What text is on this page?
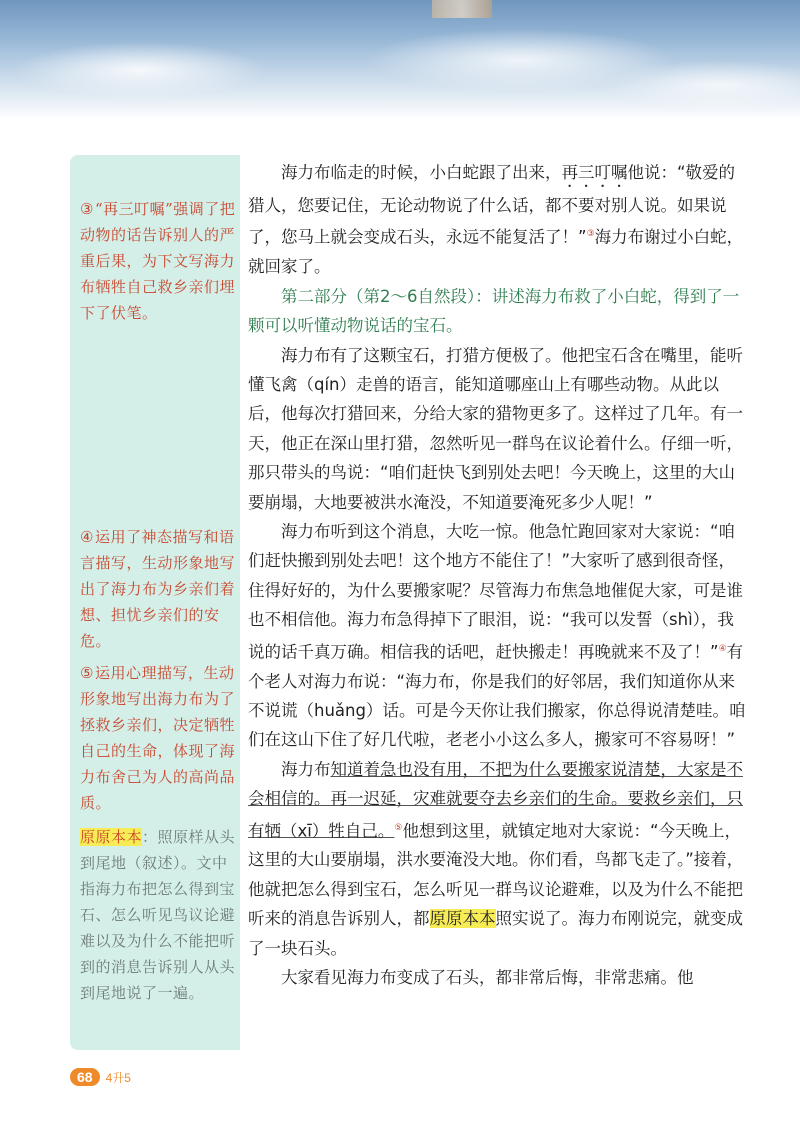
③“再三叮嘱”强调了把动物的话告诉别人的严重后果，为下文写海力布牺牲自己救乡亲们埋下了伏笔。
④运用了神态描写和语言描写，生动形象地写出了海力布为乡亲们着想、担忧乡亲们的安危。
⑤运用心理描写，生动形象地写出海力布为了拯救乡亲们，决定牺牲自己的生命，体现了海力布舍己为人的高尚品质。
原原本本：照原样从头到尾地（叙述）。文中指海力布把怎么得到宝石、怎么听见鸟议论避难以及为什么不能把听到的消息告诉别人从头到尾地说了一遍。

海力布临走的时候，小白蛇跟了出来，再三叮嘱他说：“敬爱的猎人，您要记住，无论动物说了什么话，都不要对别人说。如果说了，您马上就会变成石头，永远不能复活了！”③海力布谢过小白蛇，就回家了。

第二部分（第2～6自然段）：讲述海力布救了小白蛇，得到了一颗可以听懂动物说话的宝石。

海力布有了这颗宝石，打猎方便极了。他把宝石含在嘴里，能听懂飞禽（qín）走兽的语言，能知道哪座山上有哪些动物。从此以后，他每次打猎回来，分给大家的猎物更多了。这样过了几年。有一天，他正在深山里打猎，忽然听见一群鸟在议论着什么。仔细一听，那只带头的鸟说：“咱们赶快飞到别处去吧！今天晚上，这里的大山要崩塌，大地要被洪水淹没，不知道要淹死多少人呢！”

海力布听到这个消息，大吃一惊。他急忙跑回家对大家说：“咱们赶快搬到别处去吧！这个地方不能住了！”大家听了感到很奇怪，住得好好的，为什么要搬家呢？尽管海力布焦急地催促大家，可是谁也不相信他。海力布急得掉下了眼泪，说：“我可以发誓（shì），我说的话千真万确。相信我的话吧，赶快搬走！再晚就来不及了！”④有个老人对海力布说：“海力布，你是我们的好邻居，我们知道你从来不说谎（huǎng）话。可是今天你让我们搬家，你总得说清楚哇。咱们在这山下住了好几代啦，老老小小这么多人，搬家可不容易呀！”

海力布知道着急也没有用，不把为什么要搬家说清楚，大家是不会相信的。再一迟延，灾难就要夺去乡亲们的生命。要救乡亲们，只有牺（xī）牲自己。⑤他想到这里，就镇定地对大家说：“今天晚上，这里的大山要崩塌，洪水要淹没大地。你们看，鸟都飞走了。”接着，他就把怎么得到宝石，怎么听见一群鸟议论避难，以及为什么不能把听来的消息告诉别人，都原原本本照实说了。海力布刚说完，就变成了一块石头。

大家看见海力布变成了石头，都非常后悔，非常悲痛。他

68	4升5
